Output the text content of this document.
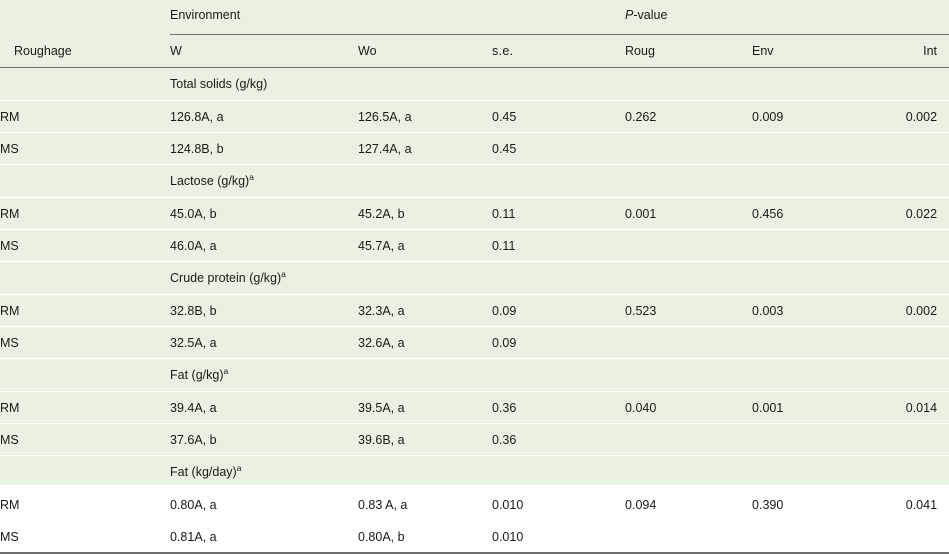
	Environment			P-value		

Roughage	W	Wo	s.e.	Roug	Env	Int
	Total solids (g/kg)					
RM	126.8A, a	126.5A, a	0.45	0.262	0.009	0.002
MS	124.8B, b	127.4A, a	0.45			
	Lactose $(g/kg)^a$
RM	45.0A, b	45.2A, b	0.11	0.001	0.456	0.022
MS	46.0A, a	45.7A, a	0.11			
	Crude protein $(g/kg)^a$
RM	32.8B, b	32.3A, a	0.09	0.523	0.003	0.002
MS	32.5A, a	32.6A, a	0.09			
	Fat $(g/kg)^a$
RM	39.4A, a	39.5A, a	0.36	0.040	0.001	0.014
MS	37.6A, b	39.6B, a	0.36			
	Fat $(kg/day)^a$
RM	0.80A, a	0.83 A, a	0.010	0.094	0.390	0.041
MS	0.81A, a	0.80A, b	0.010			
